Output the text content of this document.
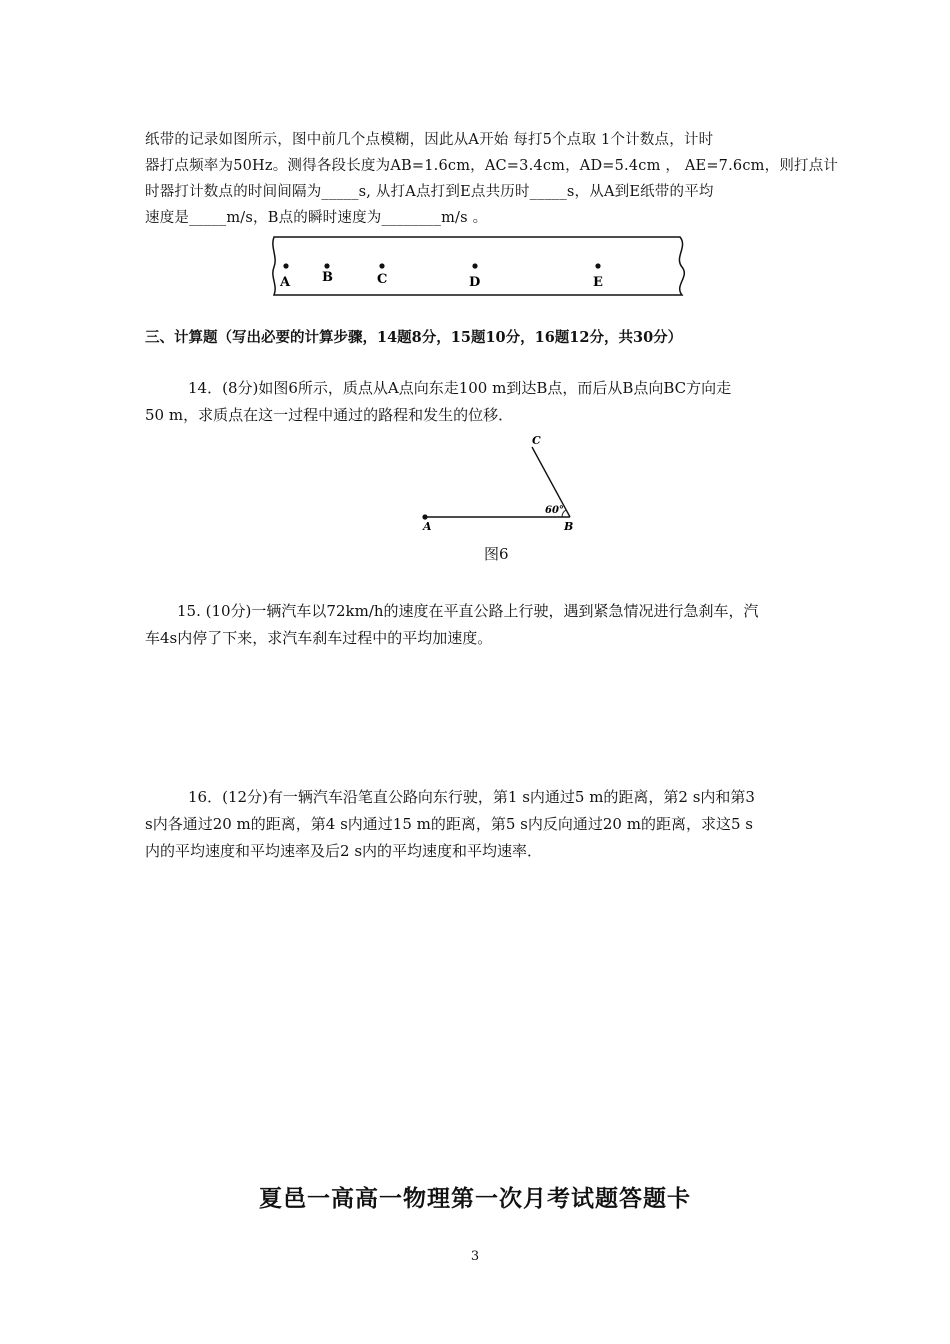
纸带的记录如图所示，图中前几个点模糊，因此从A开始 每打5个点取 1个计数点，计时
器打点频率为50Hz。测得各段长度为AB=1.6cm，AC=3.4cm，AD=5.4cm ， AE=7.6cm，则打点计
时器打计数点的时间间隔为_____s, 从打A点打到E点共历时_____s，从A到E纸带的平均
速度是_____m/s，B点的瞬时速度为________m/s 。
A B	C	D	E
三、计算题（写出必要的计算步骤，14题8分，15题10分，16题12分，共30分）
14．(8分)如图6所示，质点从A点向东走100 m到达B点，而后从B点向BC方向走
50 m，求质点在这一过程中通过的路程和发生的位移．
60°
A	B
C
图6
15. (10分)一辆汽车以72km/h的速度在平直公路上行驶，遇到紧急情况进行急刹车，汽
车4s内停了下来，求汽车刹车过程中的平均加速度。
16．(12分)有一辆汽车沿笔直公路向东行驶，第1 s内通过5 m的距离，第2 s内和第3
s内各通过20 m的距离，第4 s内通过15 m的距离，第5 s内反向通过20 m的距离，求这5 s
内的平均速度和平均速率及后2 s内的平均速度和平均速率．
夏邑一高高一物理第一次月考试题答题卡
3
